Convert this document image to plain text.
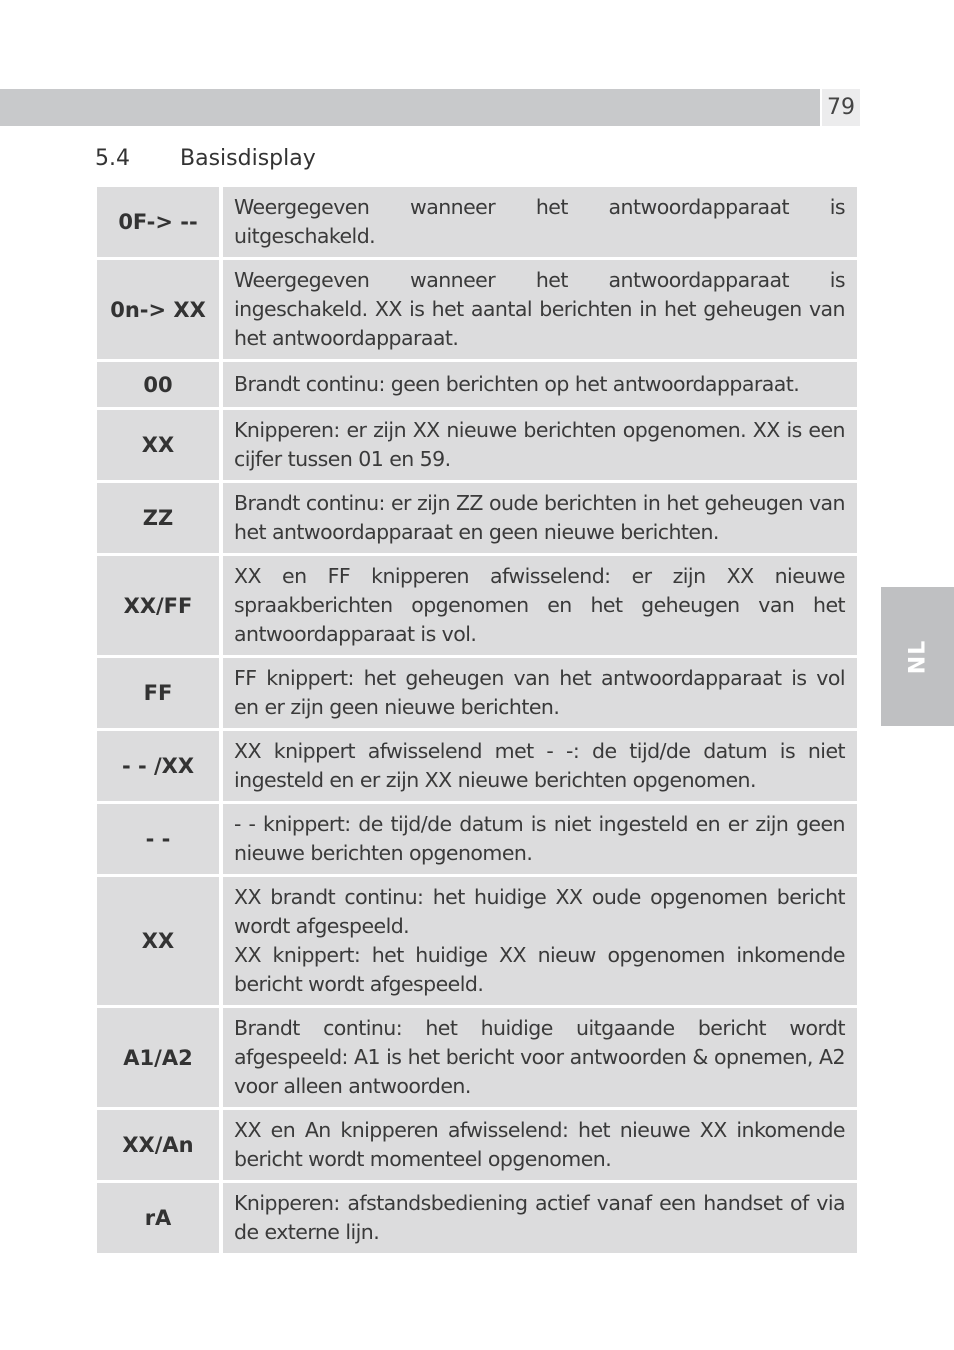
79
5.4 Basisdisplay
NL
0F-> --	Weergegeven wanneer het antwoordapparaat is uitgeschakeld.

0n-> XX	Weergegeven wanneer het antwoordapparaat is ingeschakeld. XX is het aantal berichten in het geheugen van het antwoordapparaat.

00	Brandt continu: geen berichten op het antwoordapparaat.

XX	Knipperen: er zijn XX nieuwe berichten opgenomen. XX is een cijfer tussen 01 en 59.

ZZ	Brandt continu: er zijn ZZ oude berichten in het geheugen van het antwoordapparaat en geen nieuwe berichten.

XX/FF	XX en FF knipperen afwisselend: er zijn XX nieuwe spraakberichten opgenomen en het geheugen van het antwoordapparaat is vol.

FF	FF knippert: het geheugen van het antwoordapparaat is vol en er zijn geen nieuwe berichten.

- - /XX	XX knippert afwisselend met - -: de tijd/de datum is niet ingesteld en er zijn XX nieuwe berichten opgenomen.

- -	- - knippert: de tijd/de datum is niet ingesteld en er zijn geen nieuwe berichten opgenomen.

XX	XX brandt continu: het huidige XX oude opgenomen bericht wordt afgespeeld.
XX knippert: het huidige XX nieuw opgenomen inkomende bericht wordt afgespeeld.

A1/A2	Brandt continu: het huidige uitgaande bericht wordt afgespeeld: A1 is het bericht voor antwoorden & opnemen, A2 voor alleen antwoorden.

XX/An	XX en An knipperen afwisselend: het nieuwe XX inkomende bericht wordt momenteel opgenomen.

rA	Knipperen: afstandsbediening actief vanaf een handset of via de externe lijn.
